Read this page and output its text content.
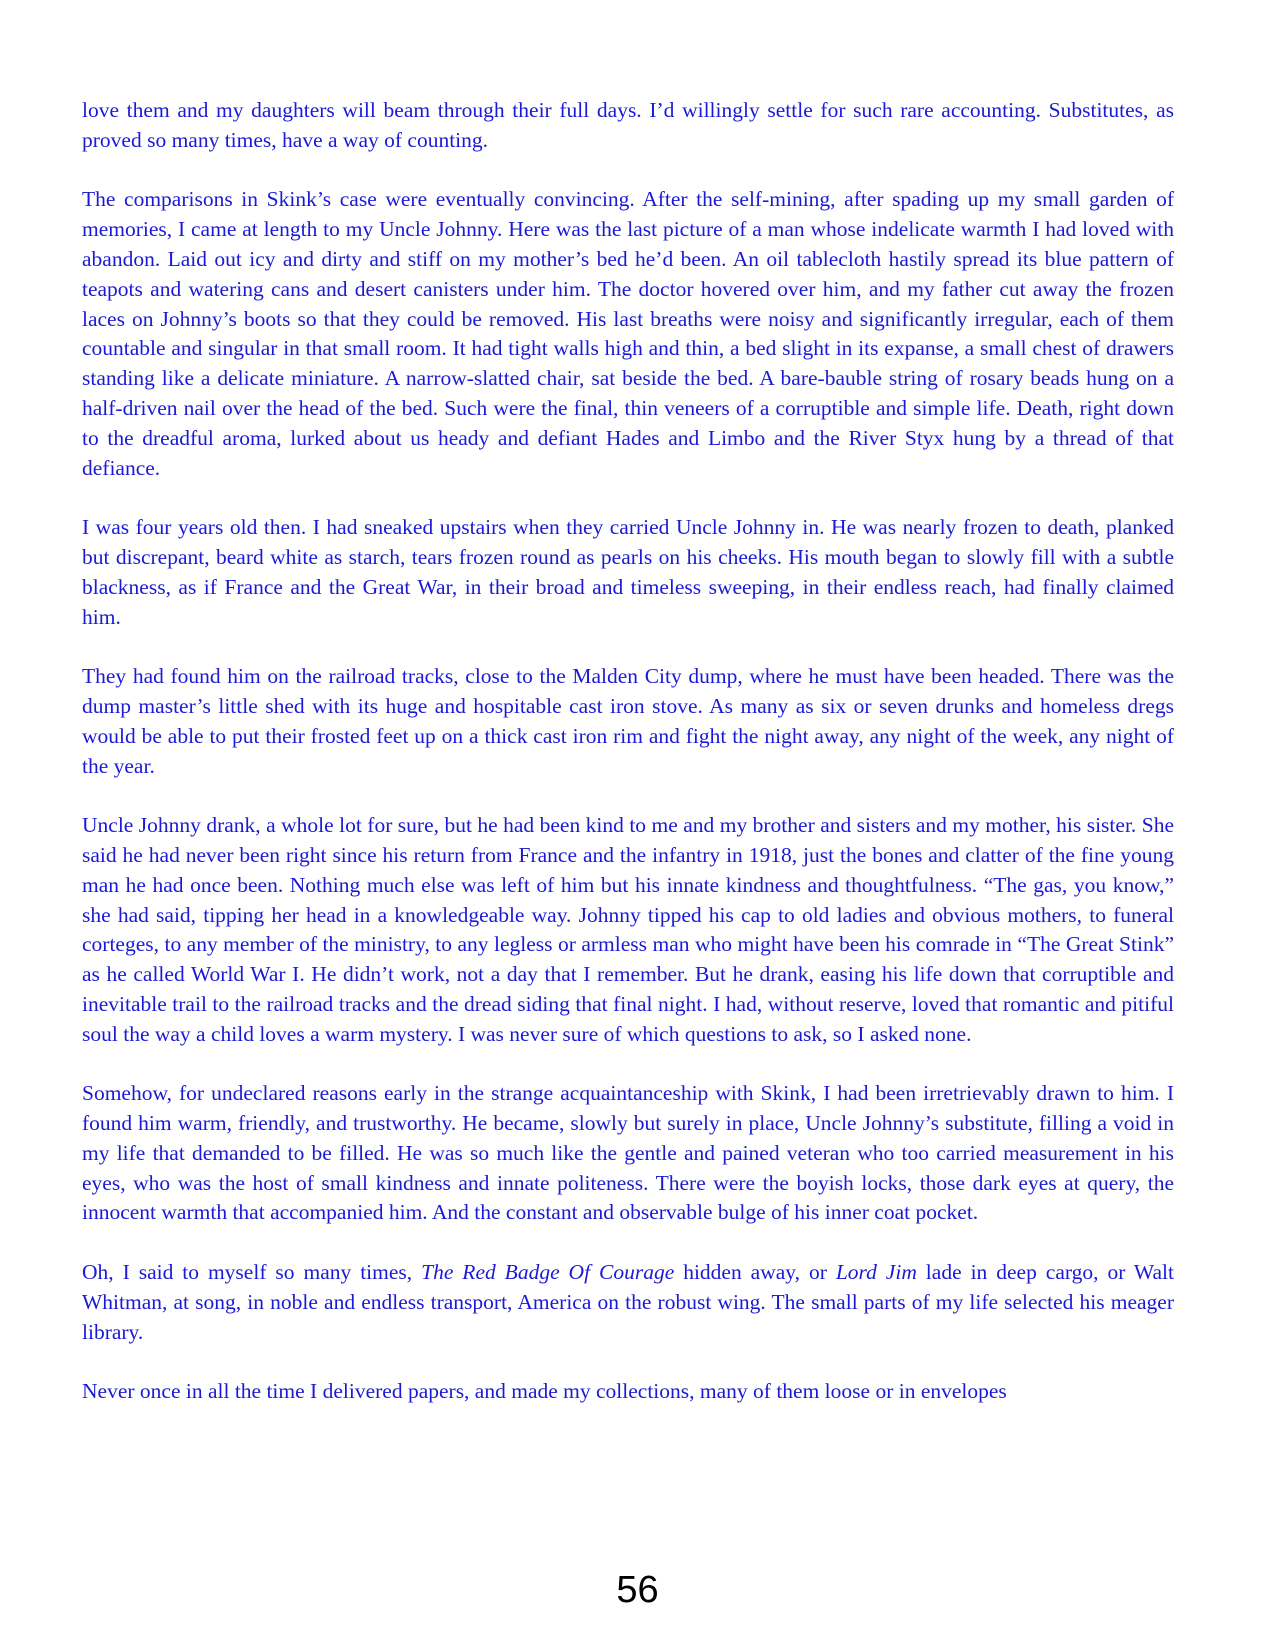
love them and my daughters will beam through their full days. I’d willingly settle for such rare accounting. Substitutes, as proved so many times, have a way of counting.

The comparisons in Skink’s case were eventually convincing. After the self-mining, after spading up my small garden of memories, I came at length to my Uncle Johnny. Here was the last picture of a man whose indelicate warmth I had loved with abandon. Laid out icy and dirty and stiff on my mother’s bed he’d been. An oil tablecloth hastily spread its blue pattern of teapots and watering cans and desert canisters under him. The doctor hovered over him, and my father cut away the frozen laces on Johnny’s boots so that they could be removed. His last breaths were noisy and significantly irregular, each of them countable and singular in that small room. It had tight walls high and thin, a bed slight in its expanse, a small chest of drawers standing like a delicate miniature. A narrow-slatted chair, sat beside the bed. A bare-bauble string of rosary beads hung on a half-driven nail over the head of the bed. Such were the final, thin veneers of a corruptible and simple life. Death, right down to the dreadful aroma, lurked about us heady and defiant Hades and Limbo and the River Styx hung by a thread of that defiance.

I was four years old then. I had sneaked upstairs when they carried Uncle Johnny in. He was nearly frozen to death, planked but discrepant, beard white as starch, tears frozen round as pearls on his cheeks. His mouth began to slowly fill with a subtle blackness, as if France and the Great War, in their broad and timeless sweeping, in their endless reach, had finally claimed him.

They had found him on the railroad tracks, close to the Malden City dump, where he must have been headed. There was the dump master’s little shed with its huge and hospitable cast iron stove. As many as six or seven drunks and homeless dregs would be able to put their frosted feet up on a thick cast iron rim and fight the night away, any night of the week, any night of the year.

Uncle Johnny drank, a whole lot for sure, but he had been kind to me and my brother and sisters and my mother, his sister. She said he had never been right since his return from France and the infantry in 1918, just the bones and clatter of the fine young man he had once been. Nothing much else was left of him but his innate kindness and thoughtfulness. “The gas, you know,” she had said, tipping her head in a knowledgeable way. Johnny tipped his cap to old ladies and obvious mothers, to funeral corteges, to any member of the ministry, to any legless or armless man who might have been his comrade in “The Great Stink” as he called World War I. He didn’t work, not a day that I remember. But he drank, easing his life down that corruptible and inevitable trail to the railroad tracks and the dread siding that final night. I had, without reserve, loved that romantic and pitiful soul the way a child loves a warm mystery. I was never sure of which questions to ask, so I asked none.

Somehow, for undeclared reasons early in the strange acquaintanceship with Skink, I had been irretrievably drawn to him. I found him warm, friendly, and trustworthy. He became, slowly but surely in place, Uncle Johnny’s substitute, filling a void in my life that demanded to be filled. He was so much like the gentle and pained veteran who too carried measurement in his eyes, who was the host of small kindness and innate politeness. There were the boyish locks, those dark eyes at query, the innocent warmth that accompanied him. And the constant and observable bulge of his inner coat pocket.

Oh, I said to myself so many times, The Red Badge Of Courage hidden away, or Lord Jim lade in deep cargo, or Walt Whitman, at song, in noble and endless transport, America on the robust wing. The small parts of my life selected his meager library.

Never once in all the time I delivered papers, and made my collections, many of them loose or in envelopes

56
